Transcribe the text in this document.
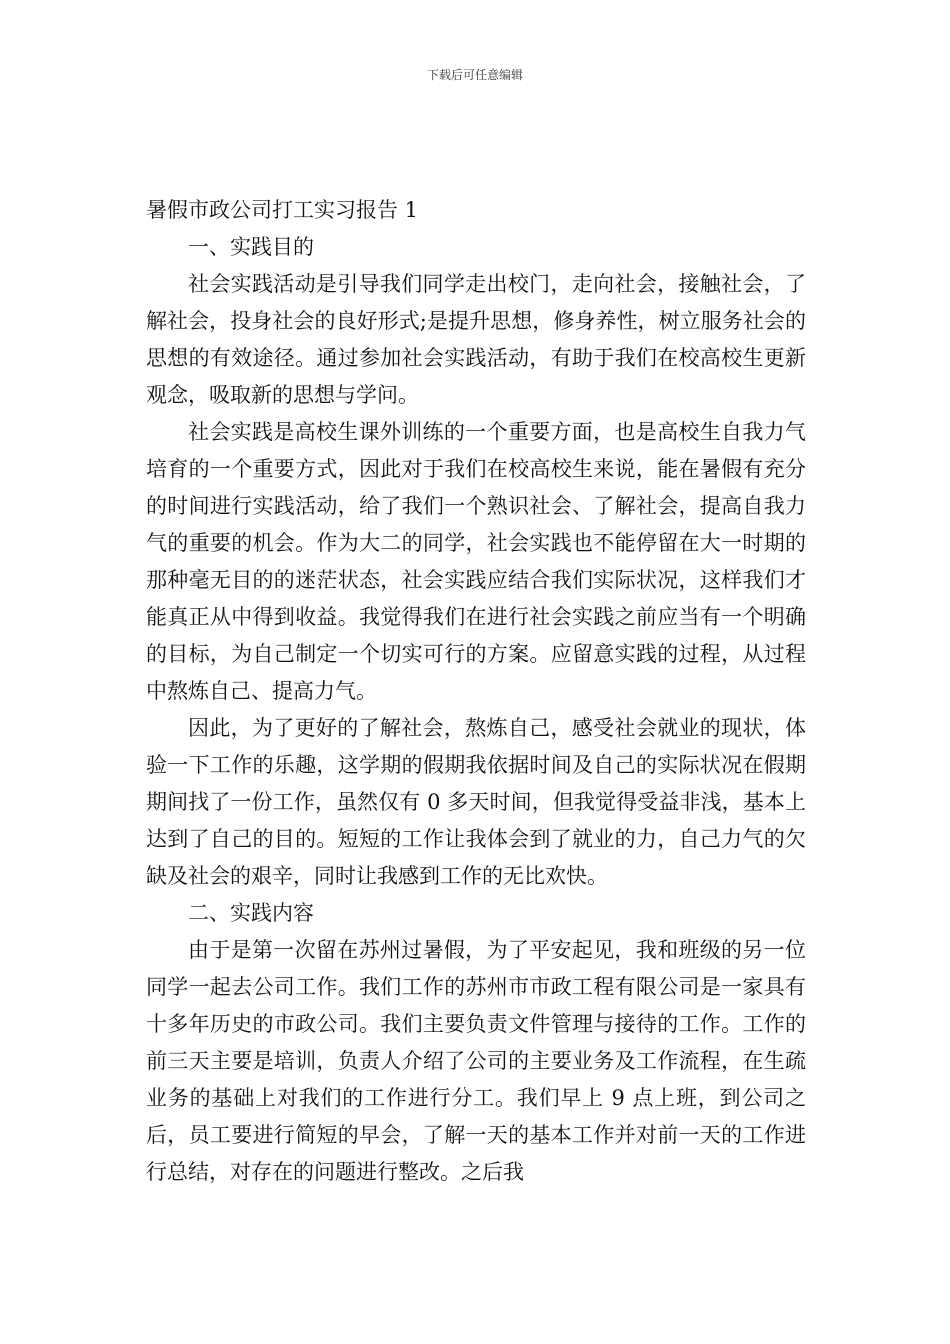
下载后可任意编辑
暑假市政公司打工实习报告 1
一、实践目的

社会实践活动是引导我们同学走出校门，走向社会，接触社会，了解社会，投身社会的良好形式;是提升思想，修身养性，树立服务社会的思想的有效途径。通过参加社会实践活动，有助于我们在校高校生更新观念，吸取新的思想与学问。

社会实践是高校生课外训练的一个重要方面，也是高校生自我力气培育的一个重要方式，因此对于我们在校高校生来说，能在暑假有充分的时间进行实践活动，给了我们一个熟识社会、了解社会，提高自我力气的重要的机会。作为大二的同学，社会实践也不能停留在大一时期的那种毫无目的的迷茫状态，社会实践应结合我们实际状况，这样我们才能真正从中得到收益。我觉得我们在进行社会实践之前应当有一个明确的目标，为自己制定一个切实可行的方案。应留意实践的过程，从过程中熬炼自己、提高力气。

因此，为了更好的了解社会，熬炼自己，感受社会就业的现状，体验一下工作的乐趣，这学期的假期我依据时间及自己的实际状况在假期期间找了一份工作，虽然仅有 0 多天时间，但我觉得受益非浅，基本上达到了自己的目的。短短的工作让我体会到了就业的力，自己力气的欠缺及社会的艰辛，同时让我感到工作的无比欢快。

二、实践内容

由于是第一次留在苏州过暑假，为了平安起见，我和班级的另一位同学一起去公司工作。我们工作的苏州市市政工程有限公司是一家具有十多年历史的市政公司。我们主要负责文件管理与接待的工作。工作的前三天主要是培训，负责人介绍了公司的主要业务及工作流程，在生疏业务的基础上对我们的工作进行分工。我们早上 9 点上班，到公司之后，员工要进行简短的早会，了解一天的基本工作并对前一天的工作进行总结，对存在的问题进行整改。之后我
